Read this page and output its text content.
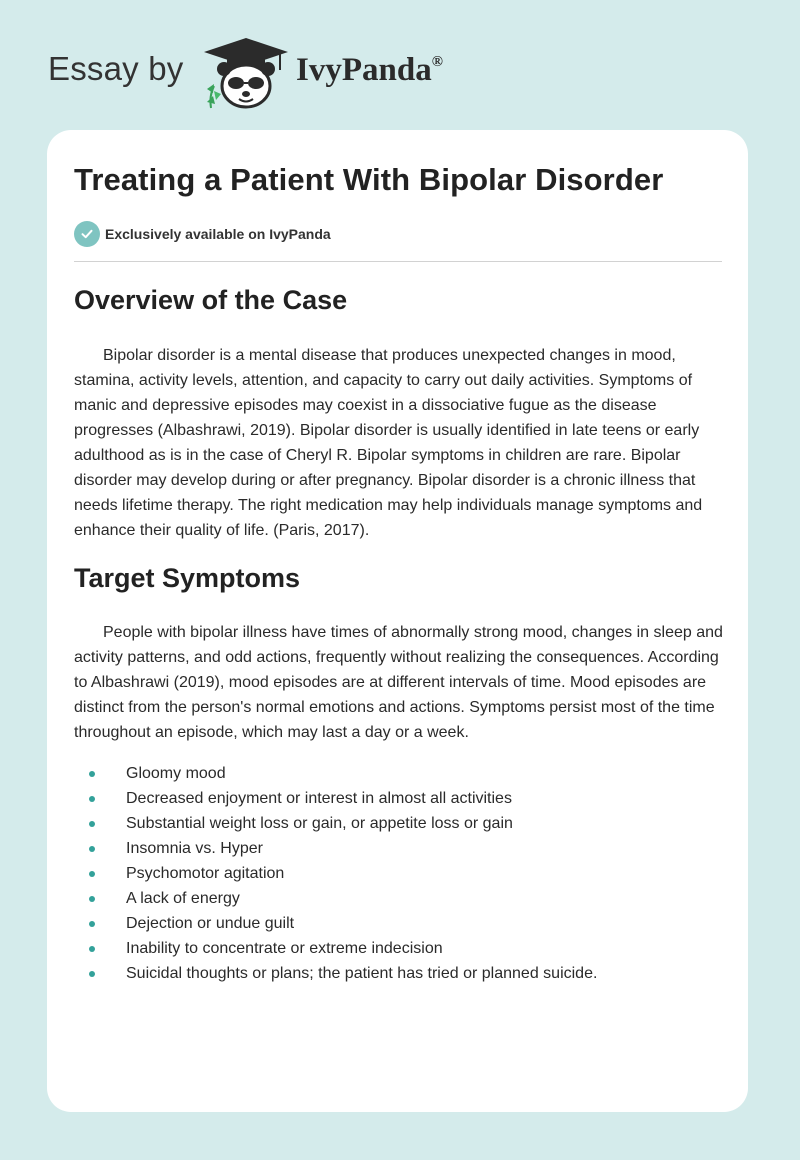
Essay by	IvyPanda®
Treating a Patient With Bipolar Disorder
Exclusively available on IvyPanda
Overview of the Case

Bipolar disorder is a mental disease that produces unexpected changes in mood, stamina, activity levels, attention, and capacity to carry out daily activities. Symptoms of manic and depressive episodes may coexist in a dissociative fugue as the disease progresses (Albashrawi, 2019). Bipolar disorder is usually identified in late teens or early adulthood as is in the case of Cheryl R. Bipolar symptoms in children are rare. Bipolar disorder may develop during or after pregnancy. Bipolar disorder is a chronic illness that needs lifetime therapy. The right medication may help individuals manage symptoms and enhance their quality of life. (Paris, 2017).

Target Symptoms

People with bipolar illness have times of abnormally strong mood, changes in sleep and activity patterns, and odd actions, frequently without realizing the consequences. According to Albashrawi (2019), mood episodes are at different intervals of time. Mood episodes are distinct from the person's normal emotions and actions. Symptoms persist most of the time throughout an episode, which may last a day or a week.

Gloomy mood
Decreased enjoyment or interest in almost all activities
Substantial weight loss or gain, or appetite loss or gain
Insomnia vs. Hyper
Psychomotor agitation
A lack of energy
Dejection or undue guilt
Inability to concentrate or extreme indecision
Suicidal thoughts or plans; the patient has tried or planned suicide.
